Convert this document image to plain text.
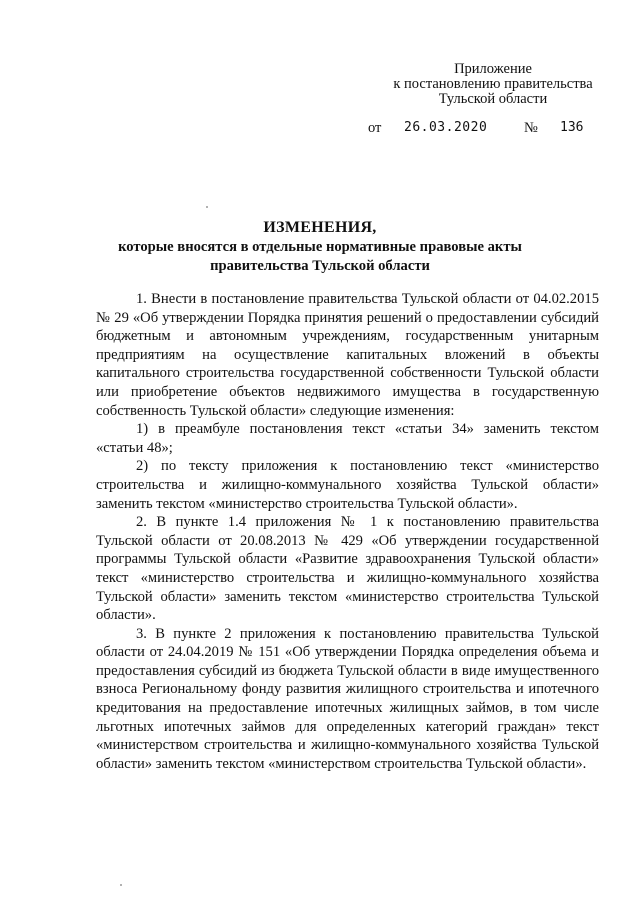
Приложение
к постановлению правительства
Тульской области
от 26.03.2020	№ 136
ИЗМЕНЕНИЯ,
которые вносятся в отдельные нормативные правовые акты
правительства Тульской области

1. Внести в постановление правительства Тульской области от 04.02.2015 № 29 «Об утверждении Порядка принятия решений о предоставлении субсидий бюджетным и автономным учреждениям, государственным унитарным предприятиям на осуществление капитальных вложений в объекты капитального строительства государственной собственности Тульской области или приобретение объектов недвижимого имущества в государственную собственность Тульской области» следующие изменения:

1) в преамбуле постановления текст «статьи 34» заменить текстом «статьи 48»;

2) по тексту приложения к постановлению текст «министерство строительства и жилищно-коммунального хозяйства Тульской области» заменить текстом «министерство строительства Тульской области».

2. В пункте 1.4 приложения № 1 к постановлению правительства Тульской области от 20.08.2013 № 429 «Об утверждении государственной программы Тульской области «Развитие здравоохранения Тульской области» текст «министерство строительства и жилищно-коммунального хозяйства Тульской области» заменить текстом «министерство строительства Тульской области».

3. В пункте 2 приложения к постановлению правительства Тульской области от 24.04.2019 № 151 «Об утверждении Порядка определения объема и предоставления субсидий из бюджета Тульской области в виде имущественного взноса Региональному фонду развития жилищного строительства и ипотечного кредитования на предоставление ипотечных жилищных займов, в том числе льготных ипотечных займов для определенных категорий граждан» текст «министерством строительства и жилищно-коммунального хозяйства Тульской области» заменить текстом «министерством строительства Тульской области».
